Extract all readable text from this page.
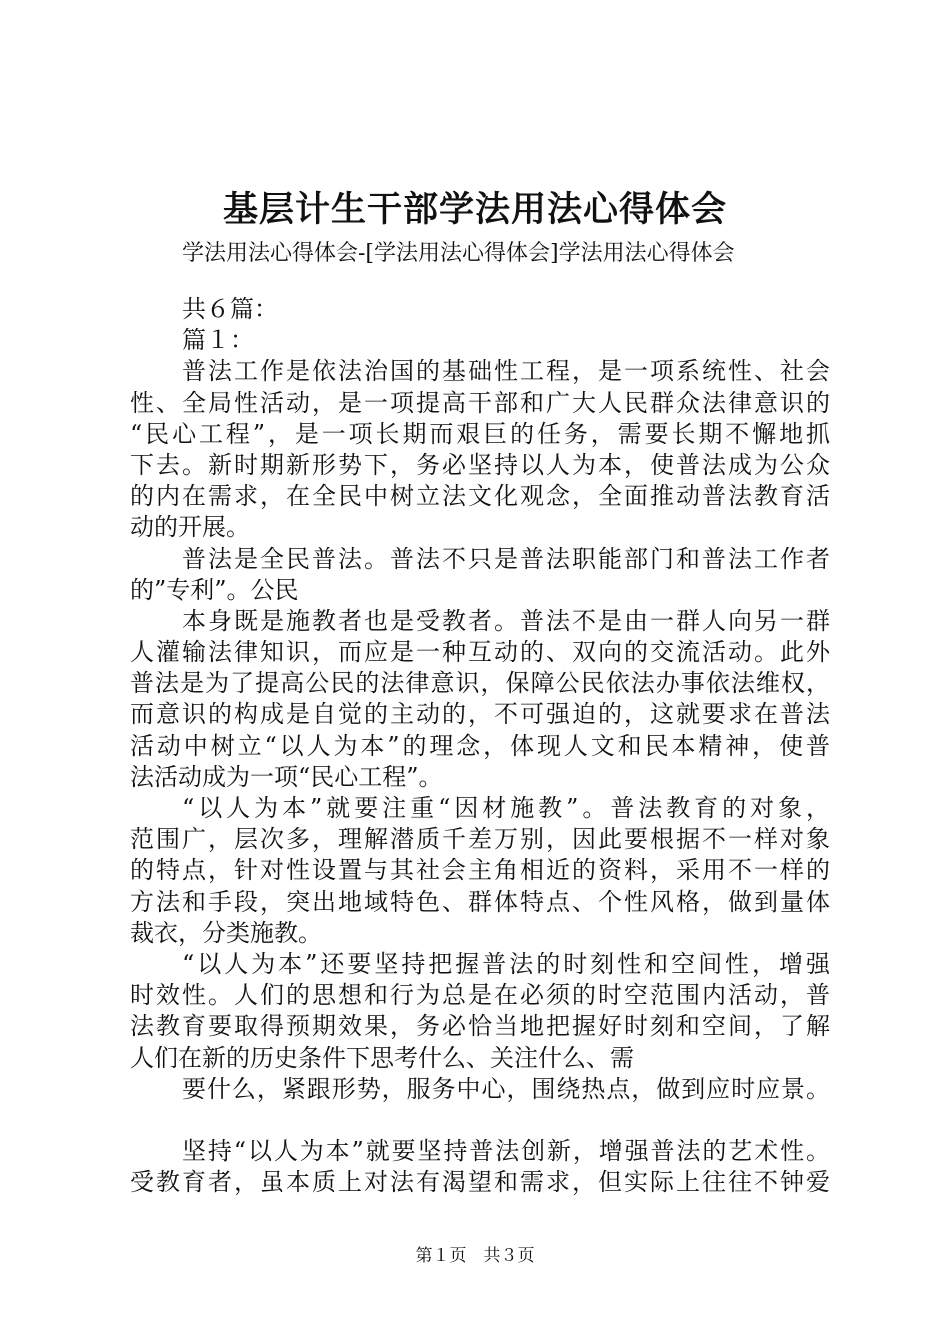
基层计生干部学法用法心得体会
学法用法心得体会-[学法用法心得体会]学法用法心得体会
共６篇：
篇１：
普法工作是依法治国的基础性工程，是一项系统性、社会
性、全局性活动，是一项提高干部和广大人民群众法律意识的
“民心工程”，是一项长期而艰巨的任务，需要长期不懈地抓
下去。新时期新形势下，务必坚持以人为本，使普法成为公众
的内在需求，在全民中树立法文化观念，全面推动普法教育活
动的开展。
普法是全民普法。普法不只是普法职能部门和普法工作者
的”专利”。公民
本身既是施教者也是受教者。普法不是由一群人向另一群
人灌输法律知识，而应是一种互动的、双向的交流活动。此外
普法是为了提高公民的法律意识，保障公民依法办事依法维权，
而意识的构成是自觉的主动的，不可强迫的，这就要求在普法
活动中树立“以人为本”的理念，体现人文和民本精神，使普
法活动成为一项“民心工程”。
“以人为本”就要注重“因材施教”。普法教育的对象，
范围广，层次多，理解潜质千差万别，因此要根据不一样对象
的特点，针对性设置与其社会主角相近的资料，采用不一样的
方法和手段，突出地域特色、群体特点、个性风格，做到量体
裁衣，分类施教。
“以人为本”还要坚持把握普法的时刻性和空间性，增强
时效性。人们的思想和行为总是在必须的时空范围内活动，普
法教育要取得预期效果，务必恰当地把握好时刻和空间，了解
人们在新的历史条件下思考什么、关注什么、需
要什么，紧跟形势，服务中心，围绕热点，做到应时应景。
坚持“以人为本”就要坚持普法创新，增强普法的艺术性。
受教育者，虽本质上对法有渴望和需求，但实际上往往不钟爱
第１页　共３页
